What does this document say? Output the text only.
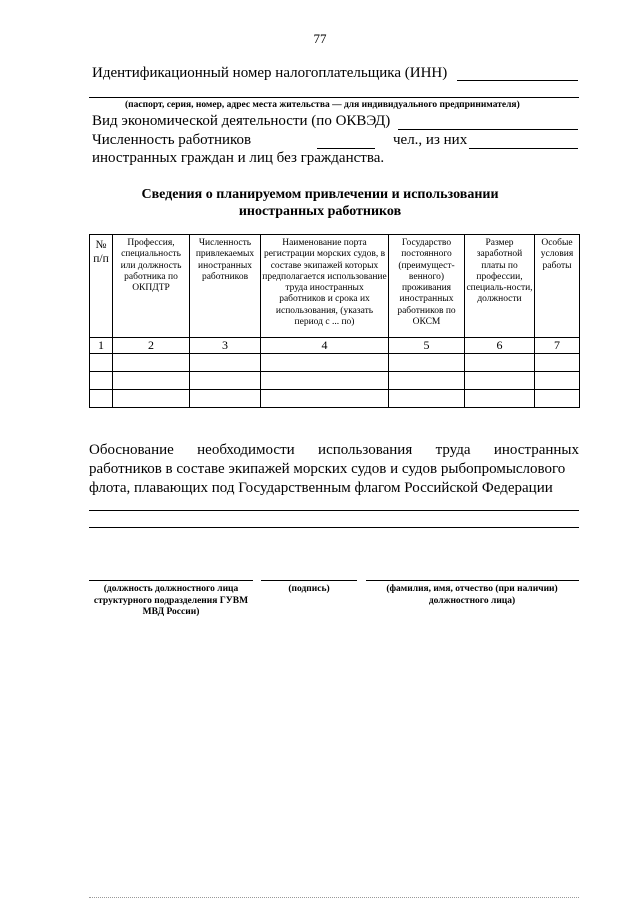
77
Идентификационный номер налогоплательщика (ИНН)
(паспорт, серия, номер, адрес места жительства — для индивидуального предпринимателя)
Вид экономической деятельности (по ОКВЭД)
Численность работников	чел., из них
иностранных граждан и лиц без гражданства.
Сведения о планируемом привлечении и использовании
иностранных работников
№ п/п	Профессия, специальность или должность работника по ОКПДТР	Численность привлекаемых иностранных работников	Наименование порта регистрации морских судов, в составе экипажей которых предполагается использование труда иностранных работников и срока их использования, (указать период с ... по)	Государство постоянного (преимущест-венного) проживания иностранных работников по ОКСМ	Размер заработной платы по профессии, специаль-ности, должности	Особые условия работы
1	2	3	4	5	6	7

Обоснование необходимости использования труда иностранных
работников в составе экипажей морских судов и судов рыбопромыслового
флота, плавающих под Государственным флагом Российской Федерации
(должность должностного лица структурного подразделения ГУВМ МВД России)
(подпись)	(фамилия, имя, отчество (при наличии) должностного лица)
